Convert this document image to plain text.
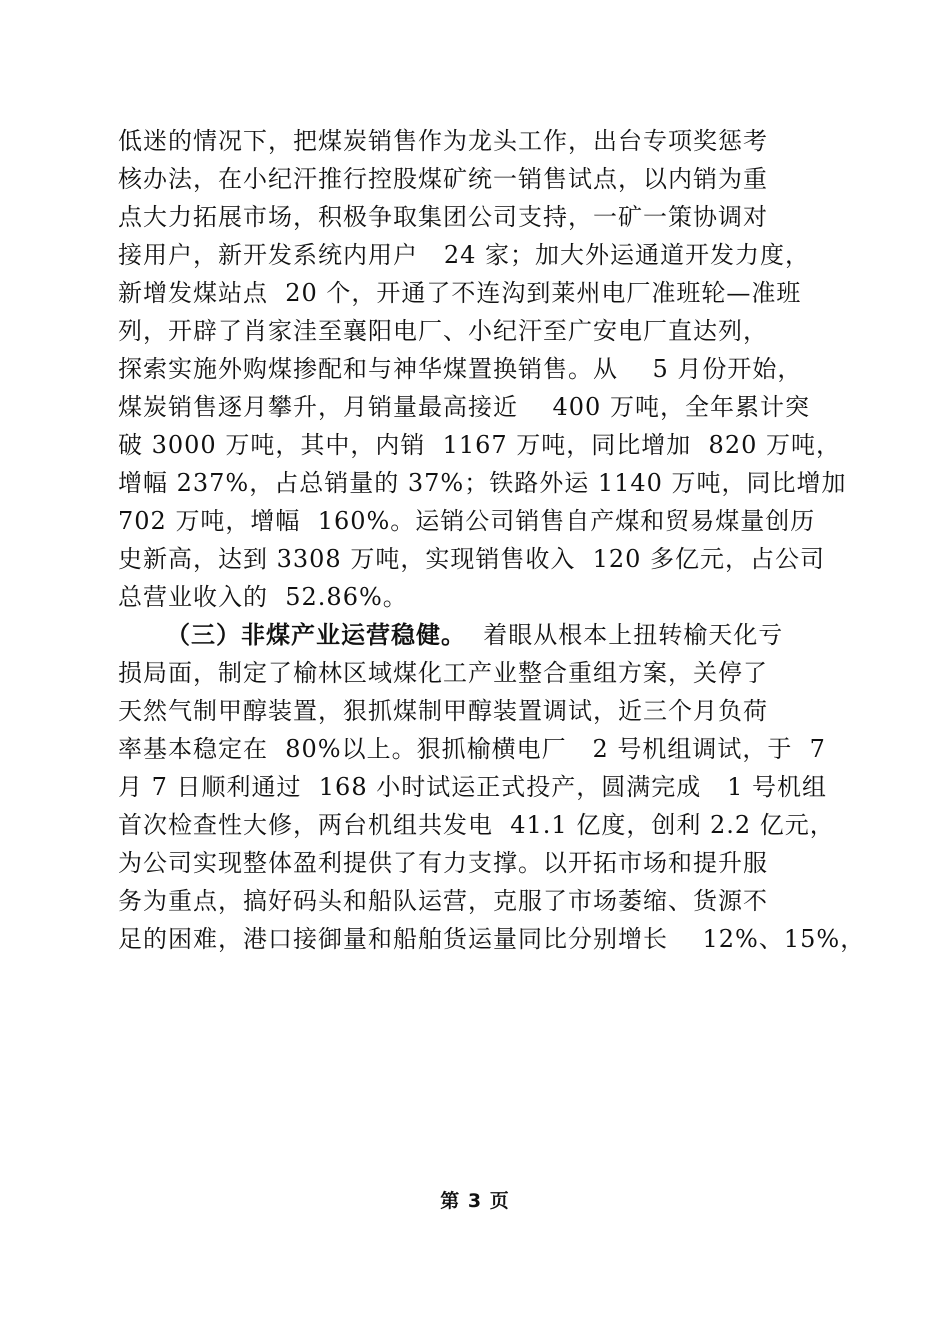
低迷的情况下，把煤炭销售作为龙头工作，出台专项奖惩考
核办法，在小纪汗推行控股煤矿统一销售试点，以内销为重
点大力拓展市场，积极争取集团公司支持，一矿一策协调对
接用户，新开发系统内用户   24 家；加大外运通道开发力度，
新增发煤站点  20 个，开通了不连沟到莱州电厂准班轮—准班
列，开辟了肖家洼至襄阳电厂、小纪汗至广安电厂直达列，
探索实施外购煤掺配和与神华煤置换销售。从    5 月份开始，
煤炭销售逐月攀升，月销量最高接近    400 万吨，全年累计突
破 3000 万吨，其中，内销  1167 万吨，同比增加  820 万吨，
增幅 237%，占总销量的 37%；铁路外运 1140 万吨，同比增加
702 万吨，增幅  160%。运销公司销售自产煤和贸易煤量创历
史新高，达到 3308 万吨，实现销售收入  120 多亿元，占公司
总营业收入的  52.86%。
（三）非煤产业运营稳健。  着眼从根本上扭转榆天化亏
损局面，制定了榆林区域煤化工产业整合重组方案，关停了
天然气制甲醇装置，狠抓煤制甲醇装置调试，近三个月负荷
率基本稳定在  80%以上。狠抓榆横电厂   2 号机组调试，于  7
月 7 日顺利通过  168 小时试运正式投产，圆满完成   1 号机组
首次检查性大修，两台机组共发电  41.1 亿度，创利 2.2 亿元，
为公司实现整体盈利提供了有力支撑。以开拓市场和提升服
务为重点，搞好码头和船队运营，克服了市场萎缩、货源不
足的困难，港口接御量和船舶货运量同比分别增长    12%、15%，
第 3 页
